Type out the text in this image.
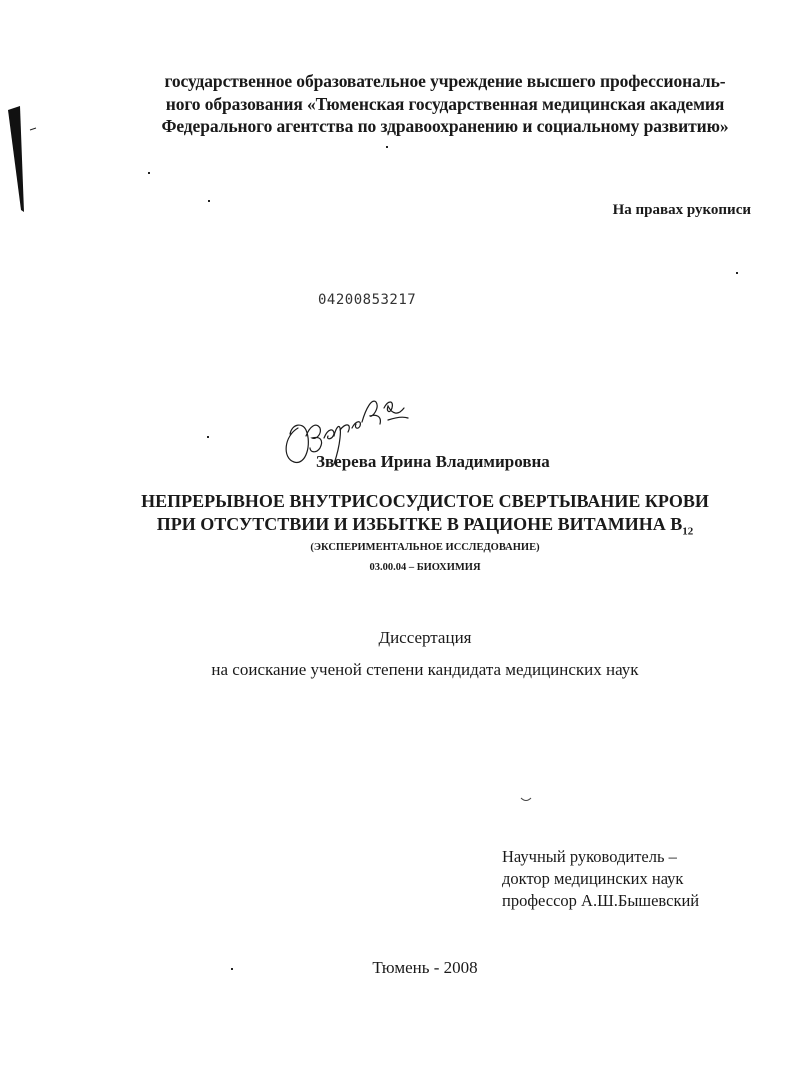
государственное образовательное учреждение высшего профессиональ-
ного образования «Тюменская государственная медицинская академия
Федерального агентства по здравоохранению и социальному развитию»
На правах рукописи
04200853217
Зверева Ирина Владимировна
НЕПРЕРЫВНОЕ ВНУТРИСОСУДИСТОЕ СВЕРТЫВАНИЕ КРОВИ
ПРИ ОТСУТСТВИИ И ИЗБЫТКЕ В РАЦИОНЕ ВИТАМИНА $В_{12}$
(ЭКСПЕРИМЕНТАЛЬНОЕ ИССЛЕДОВАНИЕ)
03.00.04 – БИОХИМИЯ
Диссертация
на соискание ученой степени кандидата медицинских наук
Научный руководитель –
доктор медицинских наук
профессор А.Ш.Бышевский
Тюмень - 2008
